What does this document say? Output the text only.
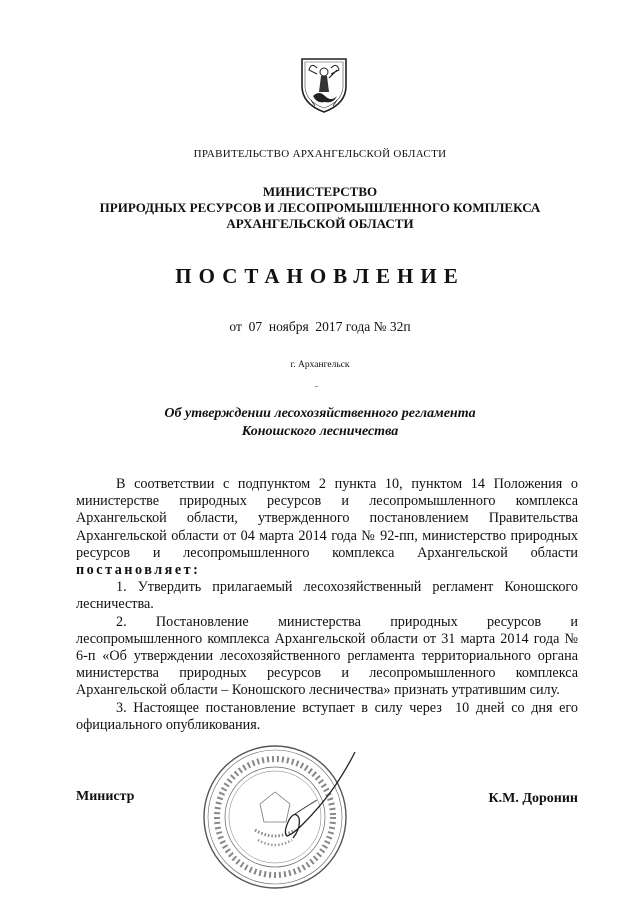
ПРАВИТЕЛЬСТВО АРХАНГЕЛЬСКОЙ ОБЛАСТИ
МИНИСТЕРСТВО
ПРИРОДНЫХ РЕСУРСОВ И ЛЕСОПРОМЫШЛЕННОГО КОМПЛЕКСА
АРХАНГЕЛЬСКОЙ ОБЛАСТИ
ПОСТАНОВЛЕНИЕ
от  07  ноября  2017 года № 32п
г. Архангельск
Об утверждении лесохозяйственного регламента
Коношского лесничества

В соответствии с подпунктом 2 пункта 10, пунктом 14 Положения о министерстве природных ресурсов и лесопромышленного комплекса Архангельской области, утвержденного постановлением Правительства Архангельской области от 04 марта 2014 года № 92-пп, министерство природных ресурсов и лесопромышленного комплекса Архангельской области постановляет:

1. Утвердить прилагаемый лесохозяйственный регламент Коношского лесничества.

2. Постановление министерства природных ресурсов и лесопромышленного комплекса Архангельской области от 31 марта 2014 года № 6-п «Об утверждении лесохозяйственного регламента территориального органа министерства природных ресурсов и лесопромышленного комплекса Архангельской области – Коношского лесничества» признать утратившим силу.

3. Настоящее постановление вступает в силу через  10 дней со дня его официального опубликования.

Министр	К.М. Доронин
